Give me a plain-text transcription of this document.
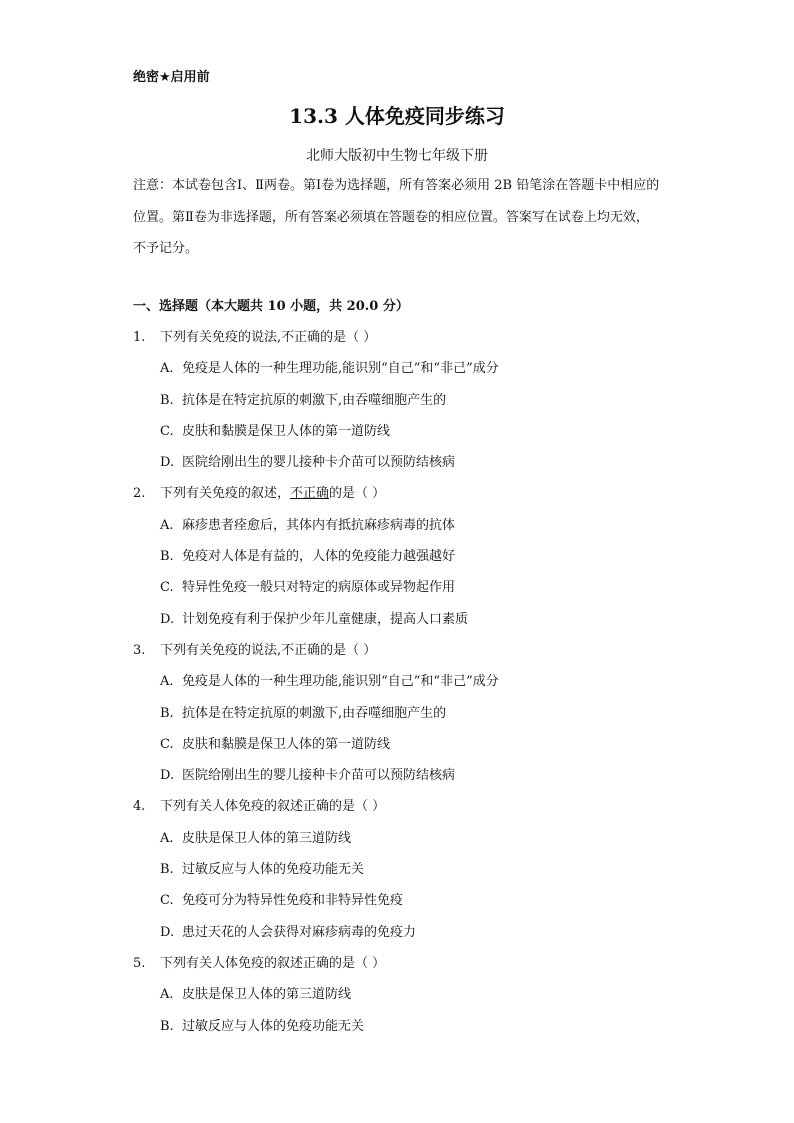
绝密★启用前
13.3 人体免疫同步练习
北师大版初中生物七年级下册
注意：本试卷包含Ⅰ、Ⅱ两卷。第Ⅰ卷为选择题，所有答案必须用 2B 铅笔涂在答题卡中相应的位置。第Ⅱ卷为非选择题，所有答案必须填在答题卷的相应位置。答案写在试卷上均无效，不予记分。
一、选择题（本大题共 10 小题，共 20.0 分）
1. 下列有关免疫的说法,不正确的是（ ）
A. 免疫是人体的一种生理功能,能识别“自己”和“非己”成分
B. 抗体是在特定抗原的刺激下,由吞噬细胞产生的
C. 皮肤和黏膜是保卫人体的第一道防线
D. 医院给刚出生的婴儿接种卡介苗可以预防结核病
2. 下列有关免疫的叙述，不正确的是（ ）
A. 麻疹患者痊愈后，其体内有抵抗麻疹病毒的抗体
B. 免疫对人体是有益的，人体的免疫能力越强越好
C. 特异性免疫一般只对特定的病原体或异物起作用
D. 计划免疫有利于保护少年儿童健康，提高人口素质
3. 下列有关免疫的说法,不正确的是（ ）
A. 免疫是人体的一种生理功能,能识别“自己”和“非己”成分
B. 抗体是在特定抗原的刺激下,由吞噬细胞产生的
C. 皮肤和黏膜是保卫人体的第一道防线
D. 医院给刚出生的婴儿接种卡介苗可以预防结核病
4. 下列有关人体免疫的叙述正确的是（ ）
A. 皮肤是保卫人体的第三道防线
B. 过敏反应与人体的免疫功能无关
C. 免疫可分为特异性免疫和非特异性免疫
D. 患过天花的人会获得对麻疹病毒的免疫力
5. 下列有关人体免疫的叙述正确的是（ ）
A. 皮肤是保卫人体的第三道防线
B. 过敏反应与人体的免疫功能无关
